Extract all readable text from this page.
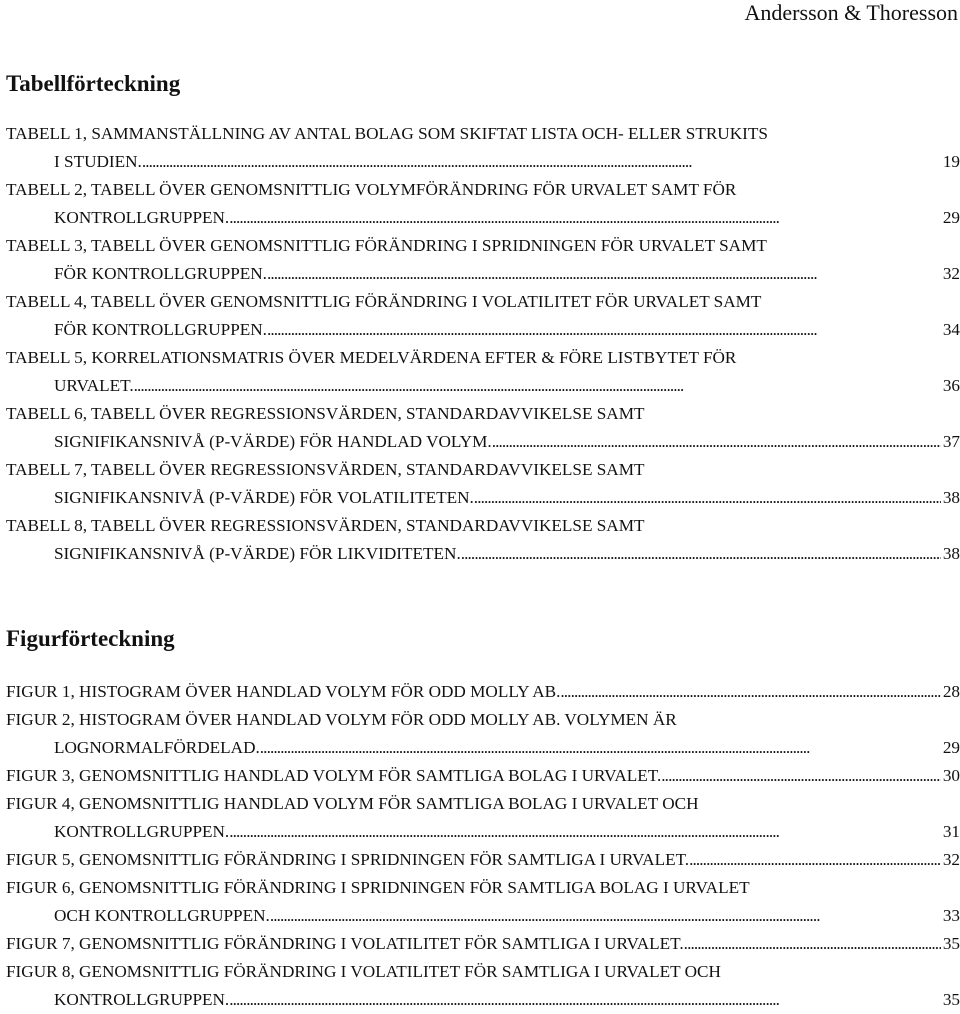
Andersson & Thoresson
Tabellförteckning
TABELL 1, SAMMANSTÄLLNING AV ANTAL BOLAG SOM SKIFTAT LISTA OCH- ELLER STRUKITS
I STUDIEN. . . .	19
TABELL 2, TABELL ÖVER GENOMSNITTLIG VOLYMFÖRÄNDRING FÖR URVALET SAMT FÖR
KONTROLLGRUPPEN. . . .	29
TABELL 3, TABELL ÖVER GENOMSNITTLIG FÖRÄNDRING I SPRIDNINGEN FÖR URVALET SAMT
FÖR KONTROLLGRUPPEN. . . .	32
TABELL 4, TABELL ÖVER GENOMSNITTLIG FÖRÄNDRING I VOLATILITET FÖR URVALET SAMT
FÖR KONTROLLGRUPPEN. . . .	34
TABELL 5, KORRELATIONSMATRIS ÖVER MEDELVÄRDENA EFTER & FÖRE LISTBYTET FÖR
URVALET. . . .	36
TABELL 6, TABELL ÖVER REGRESSIONSVÄRDEN, STANDARDAVVIKELSE SAMT
SIGNIFIKANSNIVÅ (P-VÄRDE) FÖR HANDLAD VOLYM. . . .	37
TABELL 7, TABELL ÖVER REGRESSIONSVÄRDEN, STANDARDAVVIKELSE SAMT
SIGNIFIKANSNIVÅ (P-VÄRDE) FÖR VOLATILITETEN. . . .	38
TABELL 8, TABELL ÖVER REGRESSIONSVÄRDEN, STANDARDAVVIKELSE SAMT
SIGNIFIKANSNIVÅ (P-VÄRDE) FÖR LIKVIDITETEN. . . .	38
Figurförteckning
FIGUR 1, HISTOGRAM ÖVER HANDLAD VOLYM FÖR ODD MOLLY AB. . . .	28
FIGUR 2, HISTOGRAM ÖVER HANDLAD VOLYM FÖR ODD MOLLY AB. VOLYMEN ÄR
LOGNORMALFÖRDELAD. . . .	29
FIGUR 3, GENOMSNITTLIG HANDLAD VOLYM FÖR SAMTLIGA BOLAG I URVALET. . . .	30
FIGUR 4, GENOMSNITTLIG HANDLAD VOLYM FÖR SAMTLIGA BOLAG I URVALET OCH
KONTROLLGRUPPEN. . . .	31
FIGUR 5, GENOMSNITTLIG FÖRÄNDRING I SPRIDNINGEN FÖR SAMTLIGA I URVALET. . . .	32
FIGUR 6, GENOMSNITTLIG FÖRÄNDRING I SPRIDNINGEN FÖR SAMTLIGA BOLAG I URVALET
OCH KONTROLLGRUPPEN. . . .	33
FIGUR 7, GENOMSNITTLIG FÖRÄNDRING I VOLATILITET FÖR SAMTLIGA I URVALET. . . .	35
FIGUR 8, GENOMSNITTLIG FÖRÄNDRING I VOLATILITET FÖR SAMTLIGA I URVALET OCH
KONTROLLGRUPPEN. . . .	35
